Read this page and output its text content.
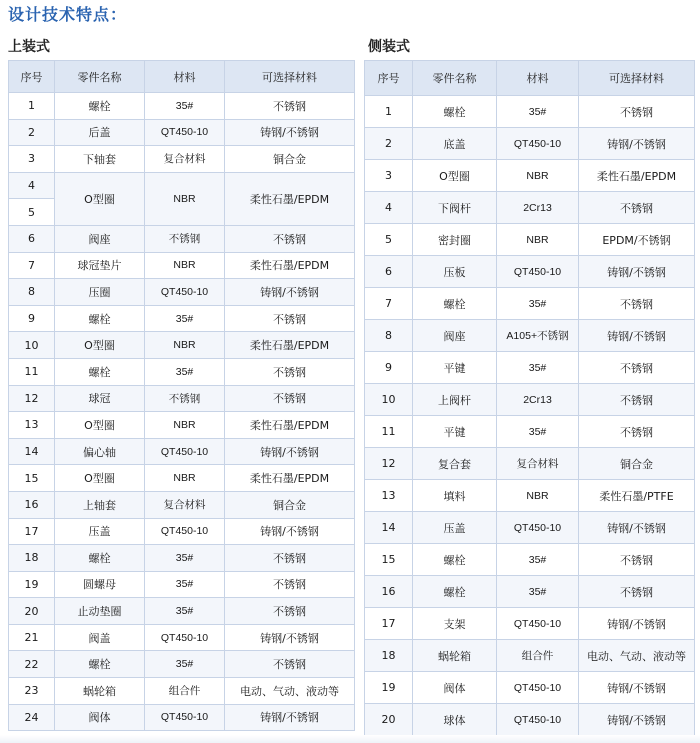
设计技术特点：
上装式	侧装式
序号	零件名称	材料	可选择材料
1	螺栓	35#	不锈钢
2	后盖	QT450-10	铸钢/不锈钢
3	下轴套	复合材料	铜合金
4	O型圈	NBR	柔性石墨/EPDM
5			
6	阀座	不锈钢	不锈钢
7	球冠垫片	NBR	柔性石墨/EPDM
8	压圈	QT450-10	铸钢/不锈钢
9	螺栓	35#	不锈钢
10	O型圈	NBR	柔性石墨/EPDM
11	螺栓	35#	不锈钢
12	球冠	不锈钢	不锈钢
13	O型圈	NBR	柔性石墨/EPDM
14	偏心轴	QT450-10	铸钢/不锈钢
15	O型圈	NBR	柔性石墨/EPDM
16	上轴套	复合材料	铜合金
17	压盖	QT450-10	铸钢/不锈钢
18	螺栓	35#	不锈钢
19	圆螺母	35#	不锈钢
20	止动垫圈	35#	不锈钢
21	阀盖	QT450-10	铸钢/不锈钢
22	螺栓	35#	不锈钢
23	蜗轮箱	组合件	电动、气动、液动等
24	阀体	QT450-10	铸钢/不锈钢
序号	零件名称	材料	可选择材料
1	螺栓	35#	不锈钢
2	底盖	QT450-10	铸钢/不锈钢
3	O型圈	NBR	柔性石墨/EPDM
4	下阀杆	2Cr13	不锈钢
5	密封圈	NBR	EPDM/不锈钢
6	压板	QT450-10	铸钢/不锈钢
7	螺栓	35#	不锈钢
8	阀座	A105+不锈钢	铸钢/不锈钢
9	平键	35#	不锈钢
10	上阀杆	2Cr13	不锈钢
11	平键	35#	不锈钢
12	复合套	复合材料	铜合金
13	填料	NBR	柔性石墨/PTFE
14	压盖	QT450-10	铸钢/不锈钢
15	螺栓	35#	不锈钢
16	螺栓	35#	不锈钢
17	支架	QT450-10	铸钢/不锈钢
18	蜗轮箱	组合件	电动、气动、液动等
19	阀体	QT450-10	铸钢/不锈钢
20	球体	QT450-10	铸钢/不锈钢
